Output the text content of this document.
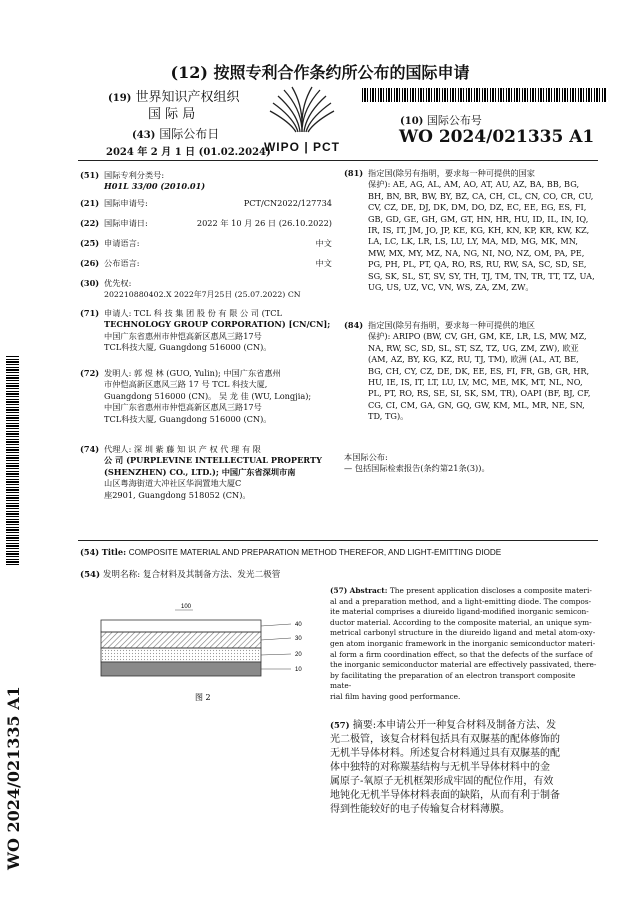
(12) 按照专利合作条约所公布的国际申请
(19) 世界知识产权组织
国 际 局
(43) 国际公布日
2024 年 2 月 1 日 (01.02.2024)
WIPO | PCT
(10) 国际公布号
WO 2024/021335 A1
(51) 国际专利分类号:
H01L 33/00 (2010.01)
(21) 国际申请号:	PCT/CN2022/127734
(22) 国际申请日:	2022 年 10 月 26 日 (26.10.2022)
(25) 申请语言:	中文
(26) 公布语言:	中文
(30) 优先权:
202210880402.X 2022年7月25日 (25.07.2022) CN
(71) 申请人: TCL 科 技 集 团 股 份 有 限 公 司 (TCL
TECHNOLOGY GROUP CORPORATION) [CN/CN];
中国广东省惠州市仲恺高新区惠风三路17号
TCL科技大厦, Guangdong 516000 (CN)。
(72) 发明人: 郭 煜 林 (GUO, Yulin); 中国广东省惠州
市仲恺高新区惠风三路 17 号 TCL 科技大厦,
Guangdong 516000 (CN)。 吴 龙 佳 (WU, Longjia);
中国广东省惠州市仲恺高新区惠风三路17号
TCL科技大厦, Guangdong 516000 (CN)。
(74) 代理人: 深 圳 紫 藤 知 识 产 权 代 理 有 限
公 司 (PURPLEVINE INTELLECTUAL PROPERTY
(SHENZHEN) CO., LTD.); 中国广东省深圳市南
山区粤海街道大冲社区华润置地大厦C
座2901, Guangdong 518052 (CN)。
(81) 指定国(除另有指明，要求每一种可提供的国家
保护): AE, AG, AL, AM, AO, AT, AU, AZ, BA, BB, BG,
BH, BN, BR, BW, BY, BZ, CA, CH, CL, CN, CO, CR, CU,
CV, CZ, DE, DJ, DK, DM, DO, DZ, EC, EE, EG, ES, FI,
GB, GD, GE, GH, GM, GT, HN, HR, HU, ID, IL, IN, IQ,
IR, IS, IT, JM, JO, JP, KE, KG, KH, KN, KP, KR, KW, KZ,
LA, LC, LK, LR, LS, LU, LY, MA, MD, MG, MK, MN,
MW, MX, MY, MZ, NA, NG, NI, NO, NZ, OM, PA, PE,
PG, PH, PL, PT, QA, RO, RS, RU, RW, SA, SC, SD, SE,
SG, SK, SL, ST, SV, SY, TH, TJ, TM, TN, TR, TT, TZ, UA,
UG, US, UZ, VC, VN, WS, ZA, ZM, ZW。
(84) 指定国(除另有指明，要求每一种可提供的地区
保护): ARIPO (BW, CV, GH, GM, KE, LR, LS, MW, MZ,
NA, RW, SC, SD, SL, ST, SZ, TZ, UG, ZM, ZW), 欧亚
(AM, AZ, BY, KG, KZ, RU, TJ, TM), 欧洲 (AL, AT, BE,
BG, CH, CY, CZ, DE, DK, EE, ES, FI, FR, GB, GR, HR,
HU, IE, IS, IT, LT, LU, LV, MC, ME, MK, MT, NL, NO,
PL, PT, RO, RS, SE, SI, SK, SM, TR), OAPI (BF, BJ, CF,
CG, CI, CM, GA, GN, GQ, GW, KM, ML, MR, NE, SN,
TD, TG)。
本国际公布:
— 包括国际检索报告(条约第21条(3))。
(54) Title: COMPOSITE MATERIAL AND PREPARATION METHOD THEREFOR, AND LIGHT-EMITTING DIODE
(54) 发明名称: 复合材料及其制备方法、发光二极管
100
40
30
20
10
图 2
(57) Abstract: The present application discloses a composite materi-
al and a preparation method, and a light-emitting diode. The compos-
ite material comprises a diureido ligand-modified inorganic semicon-
ductor material. According to the composite material, an unique sym-
metrical carbonyl structure in the diureido ligand and metal atom-oxy-
gen atom inorganic framework in the inorganic semiconductor materi-
al form a firm coordination effect, so that the defects of the surface of
the inorganic semiconductor material are effectively passivated, there-
by facilitating the preparation of an electron transport composite mate-
rial film having good performance.
(57) 摘要:本申请公开一种复合材料及制备方法、发
光二极管，该复合材料包括具有双脲基的配体修饰的
无机半导体材料。所述复合材料通过具有双脲基的配
体中独特的对称羰基结构与无机半导体材料中的金
属原子-氧原子无机框架形成牢固的配位作用，有效
地钝化无机半导体材料表面的缺陷，从而有利于制备
得到性能较好的电子传输复合材料薄膜。
WO 2024/021335 A1
